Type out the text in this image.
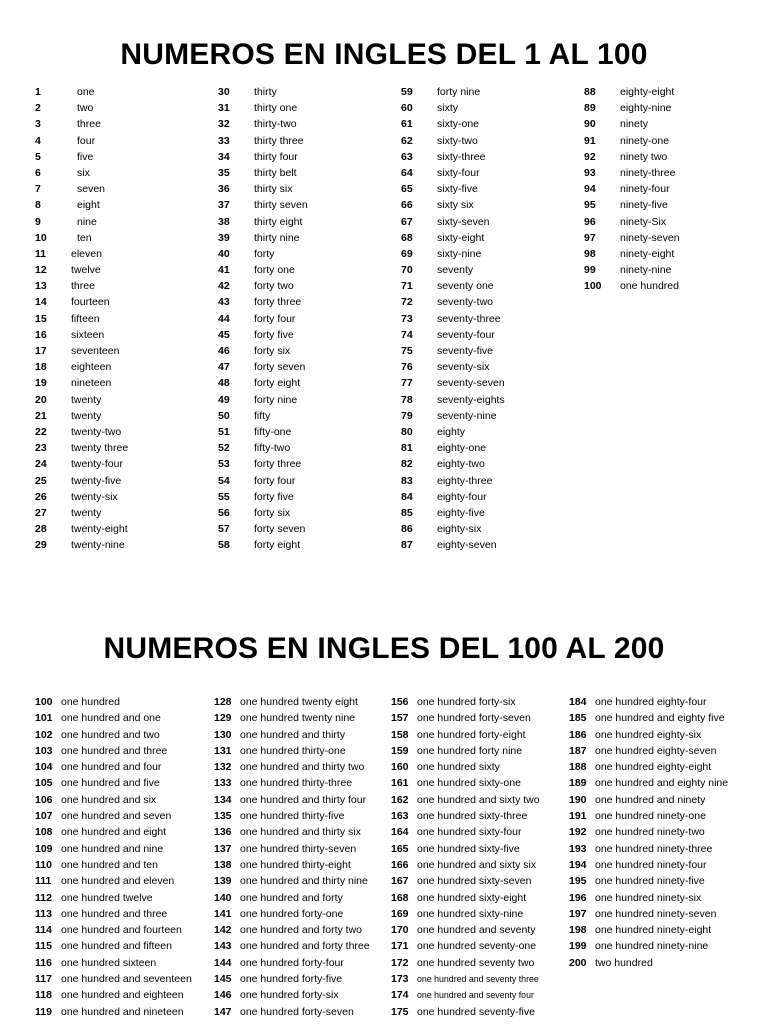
NUMEROS EN INGLES DEL 1 AL 100
1	one
2	two
3	three
4	four
5	five
6	six
7	seven
8	eight
9	nine
10	ten
11 eleven
12 twelve
13 three
14 fourteen
15 fifteen
16 sixteen
17 seventeen
18 eighteen
19 nineteen
20 twenty
21 twenty
22 twenty-two
23 twenty three
24 twenty-four
25 twenty-five
26 twenty-six
27 twenty
28 twenty-eight
29 twenty-nine
30 thirty
31 thirty one
32 thirty-two
33 thirty three
34 thirty four
35 thirty belt
36 thirty six
37 thirty seven
38 thirty eight
39 thirty nine
40 forty
41 forty one
42 forty two
43 forty three
44 forty four
45 forty five
46 forty six
47 forty seven
48 forty eight
49 forty nine
50 fifty
51 fifty-one
52 fifty-two
53 forty three
54 forty four
55 forty five
56 forty six
57 forty seven
58 forty eight
59 forty nine
60 sixty
61 sixty-one
62 sixty-two
63 sixty-three
64 sixty-four
65 sixty-five
66 sixty six
67 sixty-seven
68 sixty-eight
69 sixty-nine
70 seventy
71 seventy one
72 seventy-two
73 seventy-three
74 seventy-four
75 seventy-five
76 seventy-six
77 seventy-seven
78 seventy-eights
79 seventy-nine
80 eighty
81 eighty-one
82 eighty-two
83 eighty-three
84 eighty-four
85 eighty-five
86 eighty-six
87 eighty-seven
88 eighty-eight
89 eighty-nine
90 ninety
91 ninety-one
92 ninety two
93 ninety-three
94 ninety-four
95 ninety-five
96 ninety-Six
97 ninety-seven
98 ninety-eight
99 ninety-nine
100 one hundred
NUMEROS EN INGLES DEL 100 AL 200
100 one hundred
101 one hundred and one
102 one hundred and two
103 one hundred and three
104 one hundred and four
105 one hundred and five
106 one hundred and six
107 one hundred and seven
108 one hundred and eight
109 one hundred and nine
110 one hundred and ten
111 one hundred and eleven
112 one hundred twelve
113 one hundred and three
114 one hundred and fourteen
115 one hundred and fifteen
116 one hundred sixteen
117 one hundred and seventeen
118 one hundred and eighteen
119 one hundred and nineteen
128 one hundred twenty eight
129 one hundred twenty nine
130 one hundred and thirty
131 one hundred thirty-one
132 one hundred and thirty two
133 one hundred thirty-three
134 one hundred and thirty four
135 one hundred thirty-five
136 one hundred and thirty six
137 one hundred thirty-seven
138 one hundred thirty-eight
139 one hundred and thirty nine
140 one hundred and forty
141 one hundred forty-one
142 one hundred and forty two
143 one hundred and forty three
144 one hundred forty-four
145 one hundred forty-five
146 one hundred forty-six
147 one hundred forty-seven
156 one hundred forty-six
157 one hundred forty-seven
158 one hundred forty-eight
159 one hundred forty nine
160 one hundred sixty
161 one hundred sixty-one
162 one hundred and sixty two
163 one hundred sixty-three
164 one hundred sixty-four
165 one hundred sixty-five
166 one hundred and sixty six
167 one hundred sixty-seven
168 one hundred sixty-eight
169 one hundred sixty-nine
170 one hundred and seventy
171 one hundred seventy-one
172 one hundred seventy two
173 one hundred and seventy three
174 one hundred and seventy four
175 one hundred seventy-five
184 one hundred eighty-four
185 one hundred and eighty five
186 one hundred eighty-six
187 one hundred eighty-seven
188 one hundred eighty-eight
189 one hundred and eighty nine
190 one hundred and ninety
191 one hundred ninety-one
192 one hundred ninety-two
193 one hundred ninety-three
194 one hundred ninety-four
195 one hundred ninety-five
196 one hundred ninety-six
197 one hundred ninety-seven
198 one hundred ninety-eight
199 one hundred ninety-nine
200 two hundred
